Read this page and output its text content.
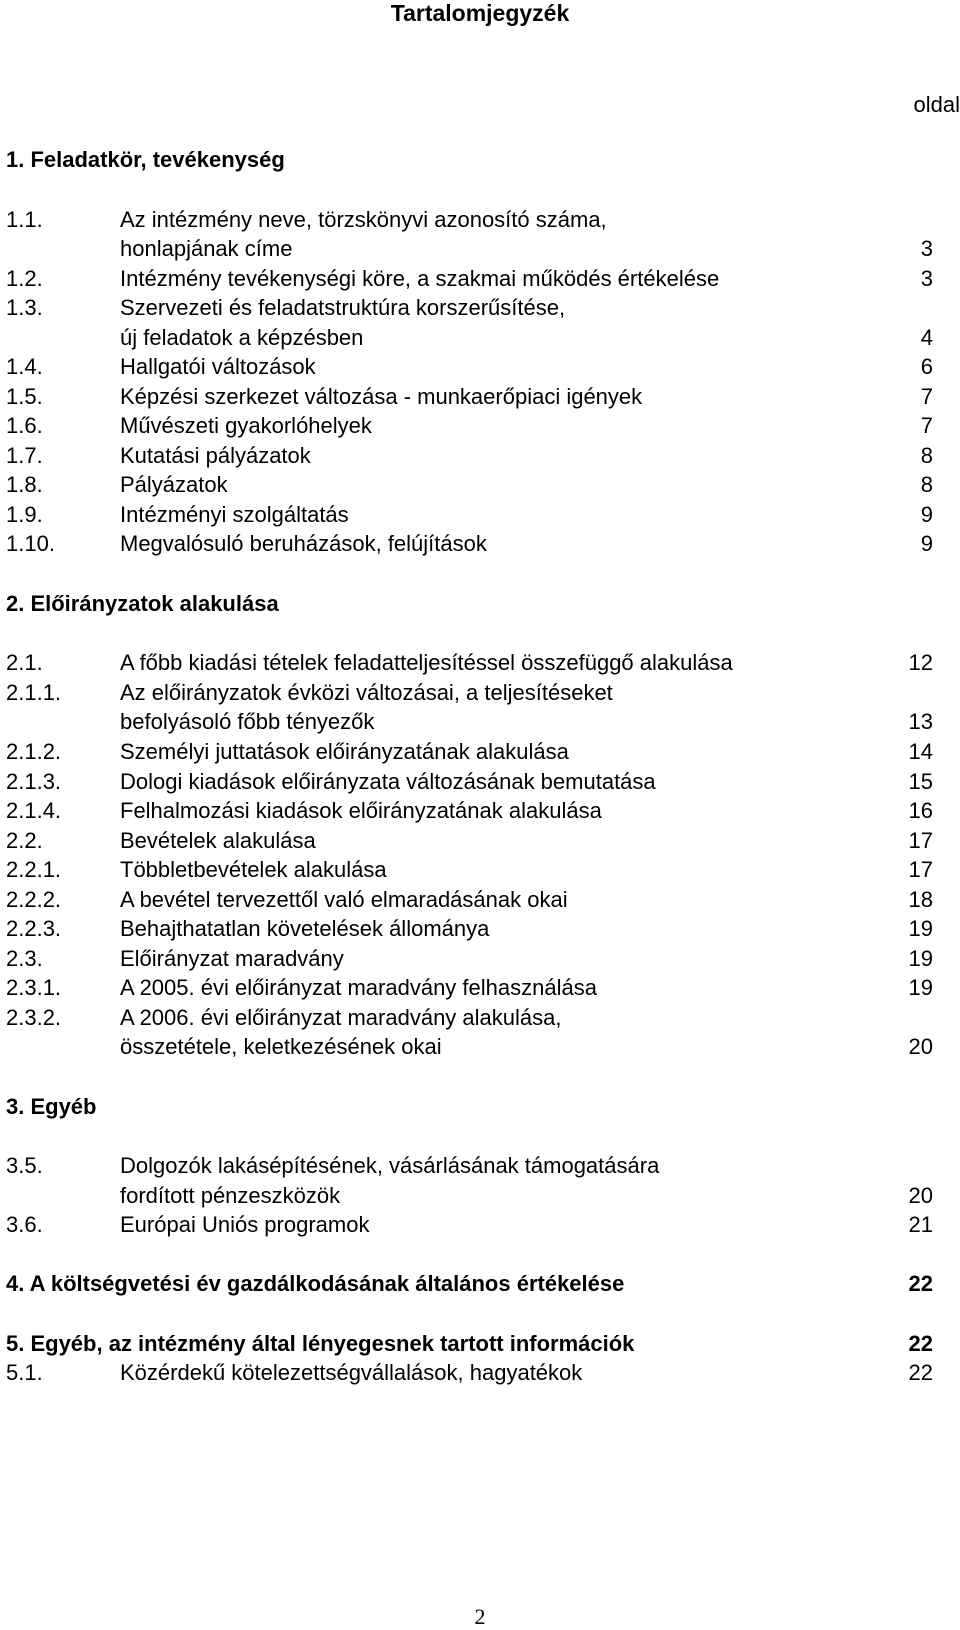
Tartalomjegyzék
oldal
1. Feladatkör, tevékenység
1.1.	Az intézmény neve, törzskönyvi azonosító száma,
honlapjának címe	3
1.2.	Intézmény tevékenységi köre, a szakmai működés értékelése	3
1.3.	Szervezeti és feladatstruktúra korszerűsítése,
új feladatok a képzésben	4
1.4.	Hallgatói változások	6
1.5.	Képzési szerkezet változása - munkaerőpiaci igények	7
1.6.	Művészeti gyakorlóhelyek	7
1.7.	Kutatási pályázatok	8
1.8.	Pályázatok	8
1.9.	Intézményi szolgáltatás	9
1.10.	Megvalósuló beruházások, felújítások	9
2. Előirányzatok alakulása
2.1.	A főbb kiadási tételek feladatteljesítéssel összefüggő alakulása	12
2.1.1.	Az előirányzatok évközi változásai, a teljesítéseket
befolyásoló főbb tényezők	13
2.1.2.	Személyi juttatások előirányzatának alakulása	14
2.1.3.	Dologi kiadások előirányzata változásának bemutatása	15
2.1.4.	Felhalmozási kiadások előirányzatának alakulása	16
2.2.	Bevételek alakulása	17
2.2.1.	Többletbevételek alakulása	17
2.2.2.	A bevétel tervezettől való elmaradásának okai	18
2.2.3.	Behajthatatlan követelések állománya	19
2.3.	Előirányzat maradvány	19
2.3.1.	A 2005. évi előirányzat maradvány felhasználása	19
2.3.2.	A 2006. évi előirányzat maradvány alakulása,
összetétele, keletkezésének okai	20
3. Egyéb
3.5.	Dolgozók lakásépítésének, vásárlásának támogatására
fordított pénzeszközök	20
3.6.	Európai Uniós programok	21
4. A költségvetési év gazdálkodásának általános értékelése	22
5. Egyéb, az intézmény által lényegesnek tartott információk	22
5.1.	Közérdekű kötelezettségvállalások, hagyatékok	22
2
